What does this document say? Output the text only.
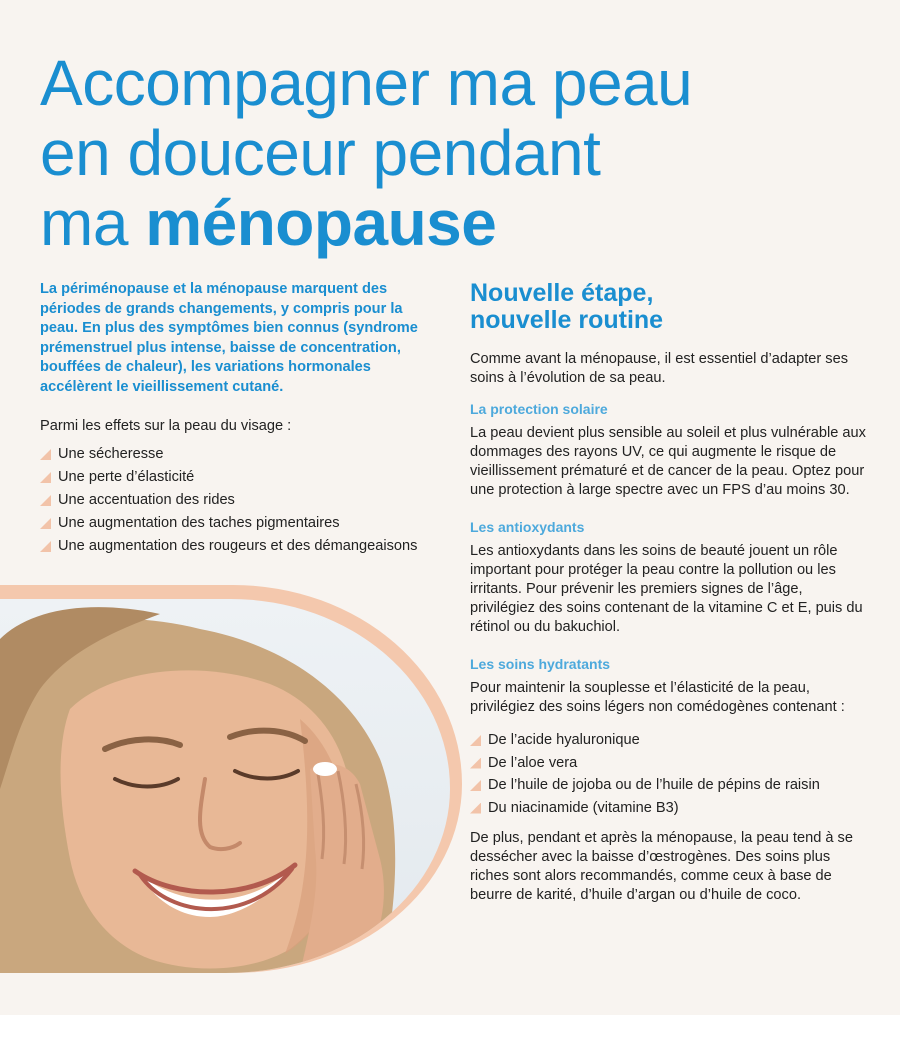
Accompagner ma peau
en douceur pendant
ma ménopause

La périménopause et la ménopause marquent des périodes de grands changements, y compris pour la peau. En plus des symptômes bien connus (syndrome prémenstruel plus intense, baisse de concentration, bouffées de chaleur), les variations hormonales accélèrent le vieillissement cutané.

Parmi les effets sur la peau du visage :

Une sécheresse
Une perte d’élasticité
Une accentuation des rides
Une augmentation des taches pigmentaires
Une augmentation des rougeurs et des démangeaisons
Nouvelle étape,
nouvelle routine

Comme avant la ménopause, il est essentiel d’adapter ses soins à l’évolution de sa peau.

La protection solaire

La peau devient plus sensible au soleil et plus vulnérable aux dommages des rayons UV, ce qui augmente le risque de vieillissement prématuré et de cancer de la peau. Optez pour une protection à large spectre avec un FPS d’au moins 30.

Les antioxydants

Les antioxydants dans les soins de beauté jouent un rôle important pour protéger la peau contre la pollution ou les irritants. Pour prévenir les premiers signes de l’âge, privilégiez des soins contenant de la vitamine C et E, puis du rétinol ou du bakuchiol.

Les soins hydratants

Pour maintenir la souplesse et l’élasticité de la peau, privilégiez des soins légers non comédogènes contenant :

De l’acide hyaluronique
De l’aloe vera
De l’huile de jojoba ou de l’huile de pépins de raisin
Du niacinamide (vitamine B3)

De plus, pendant et après la ménopause, la peau tend à se dessécher avec la baisse d’œstrogènes. Des soins plus riches sont alors recommandés, comme ceux à base de beurre de karité, d’huile d’argan ou d’huile de coco.
